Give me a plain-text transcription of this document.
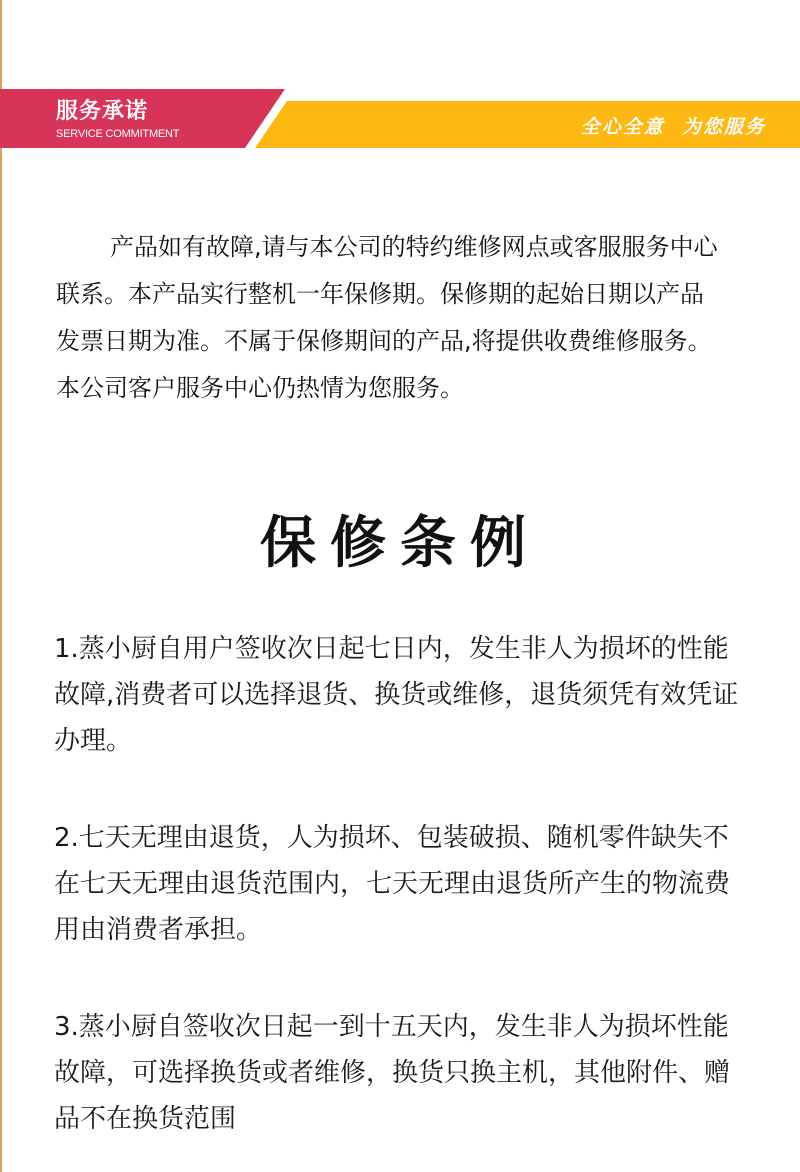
服务承诺
SERVICE COMMITMENT	全心全意  为您服务

产品如有故障,请与本公司的特约维修网点或客服服务中心联系。本产品实行整机一年保修期。保修期的起始日期以产品发票日期为准。不属于保修期间的产品,将提供收费维修服务。本公司客户服务中心仍热情为您服务。

保修条例

1.蒸小厨自用户签收次日起七日内，发生非人为损坏的性能故障,消费者可以选择退货、换货或维修，退货须凭有效凭证办理。

2.七天无理由退货，人为损坏、包装破损、随机零件缺失不在七天无理由退货范围内，七天无理由退货所产生的物流费用由消费者承担。

3.蒸小厨自签收次日起一到十五天内，发生非人为损坏性能故障，可选择换货或者维修，换货只换主机，其他附件、赠品不在换货范围
